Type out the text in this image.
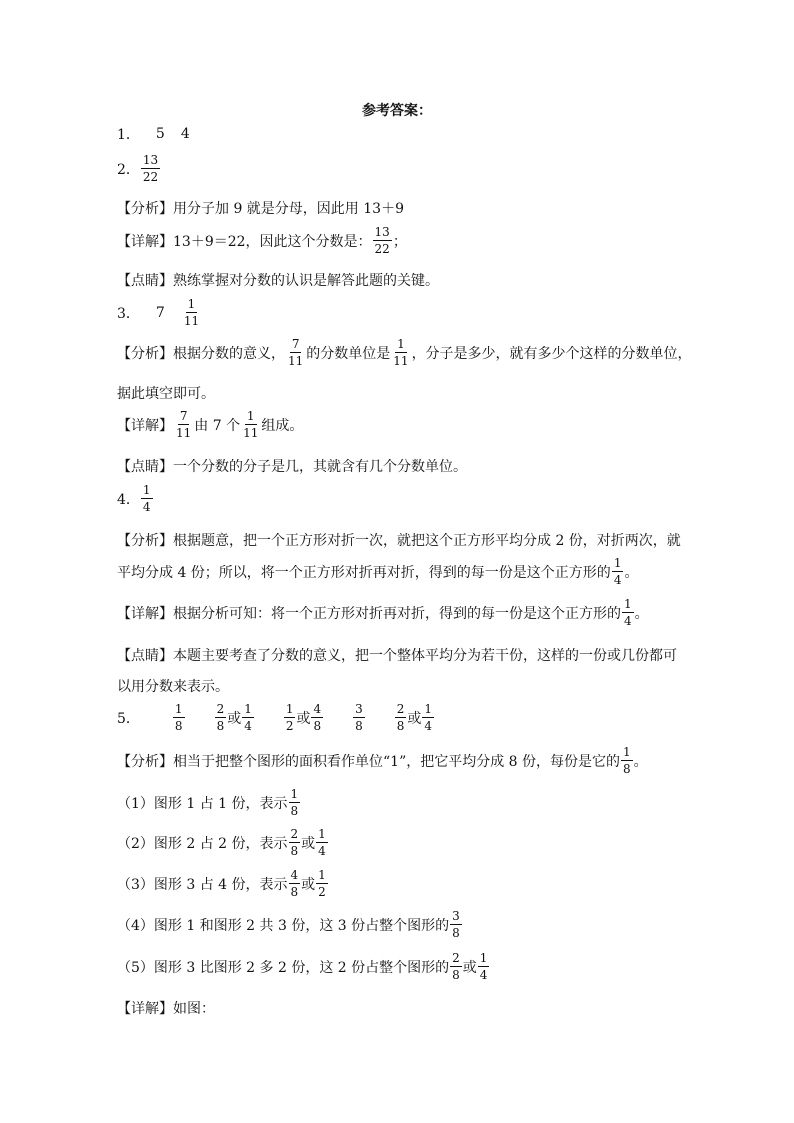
参考答案：
1． 5 4
2． $\frac{13}{22}$
【分析】用分子加 9 就是分母，因此用 13＋9
【详解】13＋9＝22，因此这个分数是： $\frac{13}{22}$ ；
【点睛】熟练掌握对分数的认识是解答此题的关键。
3． $7 \frac{1}{11}$
【分析】根据分数的意义， $\frac{7}{11}$ 的分数单位是 $\frac{1}{11}$ ，分子是多少，就有多少个这样的分数单位，
据此填空即可。
【详解】 $\frac{7}{11}$ 由 7 个 $\frac{1}{11}$ 组成。
【点睛】一个分数的分子是几，其就含有几个分数单位。
4． $\frac{1}{4}$
【分析】根据题意，把一个正方形对折一次，就把这个正方形平均分成 2 份，对折两次，就
平均分成 4 份；所以，将一个正方形对折再对折，得到的每一份是这个正方形的 $\frac{1}{4}$ 。
【详解】根据分析可知：将一个正方形对折再对折，得到的每一份是这个正方形的 $\frac{1}{4}$ 。
【点睛】本题主要考查了分数的意义，把一个整体平均分为若干份，这样的一份或几份都可
以用分数来表示。
5．	$\frac{1}{8}$	$\frac{2}{8}$ 或 $\frac{1}{4}$	$\frac{1}{2}$ 或 $\frac{4}{8}$	$\frac{3}{8}$	$\frac{2}{8}$ 或 $\frac{1}{4}$
【分析】相当于把整个图形的面积看作单位“1”，把它平均分成 8 份，每份是它的 $\frac{1}{8}$ 。
（1）图形 1 占 1 份，表示 $\frac{1}{8}$
（2）图形 2 占 2 份，表示 $\frac{2}{8}$ 或 $\frac{1}{4}$
（3）图形 3 占 4 份，表示 $\frac{4}{8}$ 或 $\frac{1}{2}$
（4）图形 1 和图形 2 共 3 份，这 3 份占整个图形的 $\frac{3}{8}$
（5）图形 3 比图形 2 多 2 份，这 2 份占整个图形的 $\frac{2}{8}$ 或 $\frac{1}{4}$
【详解】如图：
